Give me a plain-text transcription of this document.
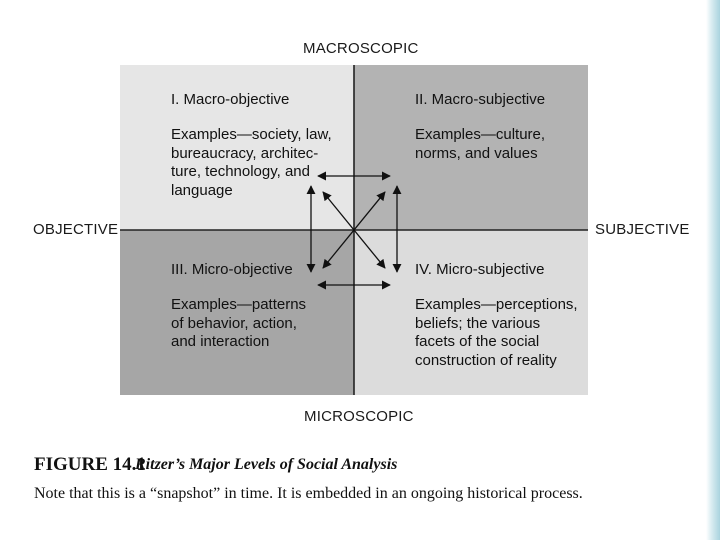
MACROSCOPIC
MICROSCOPIC
OBJECTIVE	SUBJECTIVE
I. Macro-objective
Examples—society, law,
bureaucracy, architec-
ture, technology, and
language
II. Macro-subjective
Examples—culture,
norms, and values
III. Micro-objective
Examples—patterns
of behavior, action,
and interaction
IV. Micro-subjective
Examples—perceptions,
beliefs; the various
facets of the social
construction of reality
FIGURE 14.1
Ritzer’s Major Levels of Social Analysis
Note that this is a “snapshot” in time. It is embedded in an ongoing historical process.
